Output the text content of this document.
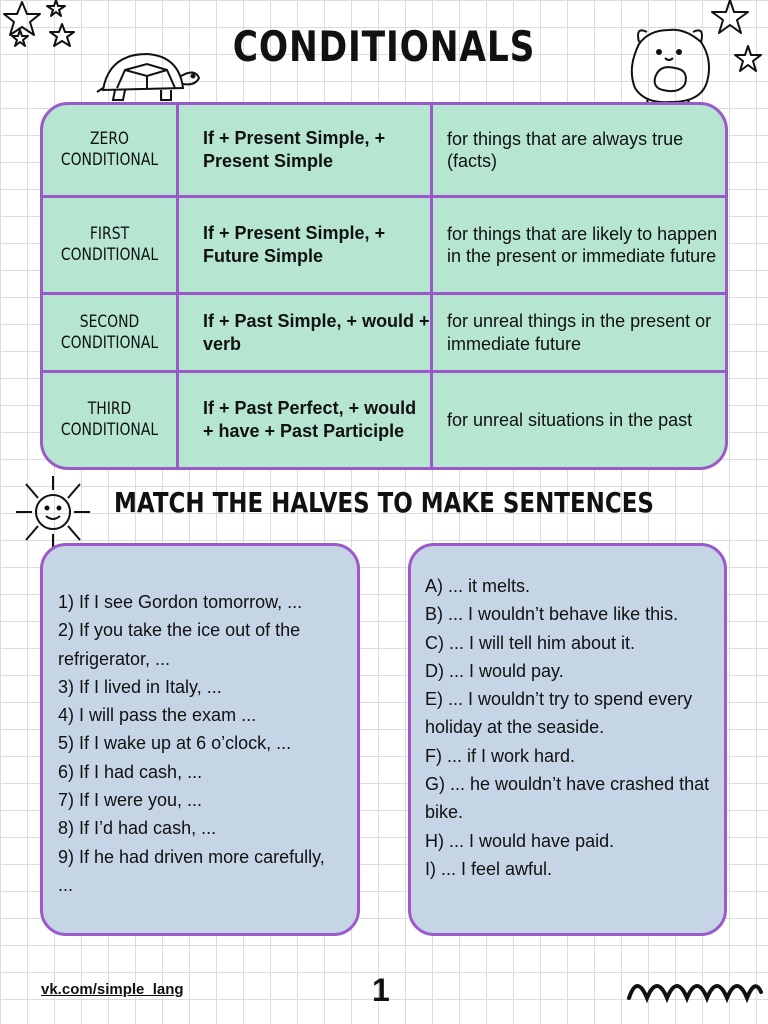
CONDITIONALS
ZERO CONDITIONAL
If + Present Simple, + Present Simple
for things that are always true (facts)
FIRST CONDITIONAL
If + Present Simple, + Future Simple
for things that are likely to happen in the present or immediate future
SECOND CONDITIONAL
If + Past Simple, + would + verb
for unreal things in the present or immediate future
THIRD CONDITIONAL
If + Past Perfect, + would + have + Past Participle
for unreal situations in the past
MATCH THE HALVES TO MAKE SENTENCES
1) If I see Gordon tomorrow, ...
2) If you take the ice out of the refrigerator, ...
3) If I lived in Italy, ...
4) I will pass the exam ...
5) If I wake up at 6 o’clock, ...
6) If I had cash, ...
7) If I were you, ...
8) If I’d had cash, ...
9) If he had driven more carefully, ...
A) ... it melts.
B) ... I wouldn’t behave like this.
C) ... I will tell him about it.
D) ... I would pay.
E) ... I wouldn’t try to spend every holiday at the seaside.
F) ... if I work hard.
G) ... he wouldn’t have crashed that bike.
H) ... I would have paid.
I) ... I feel awful.
vk.com/simple_lang	1
